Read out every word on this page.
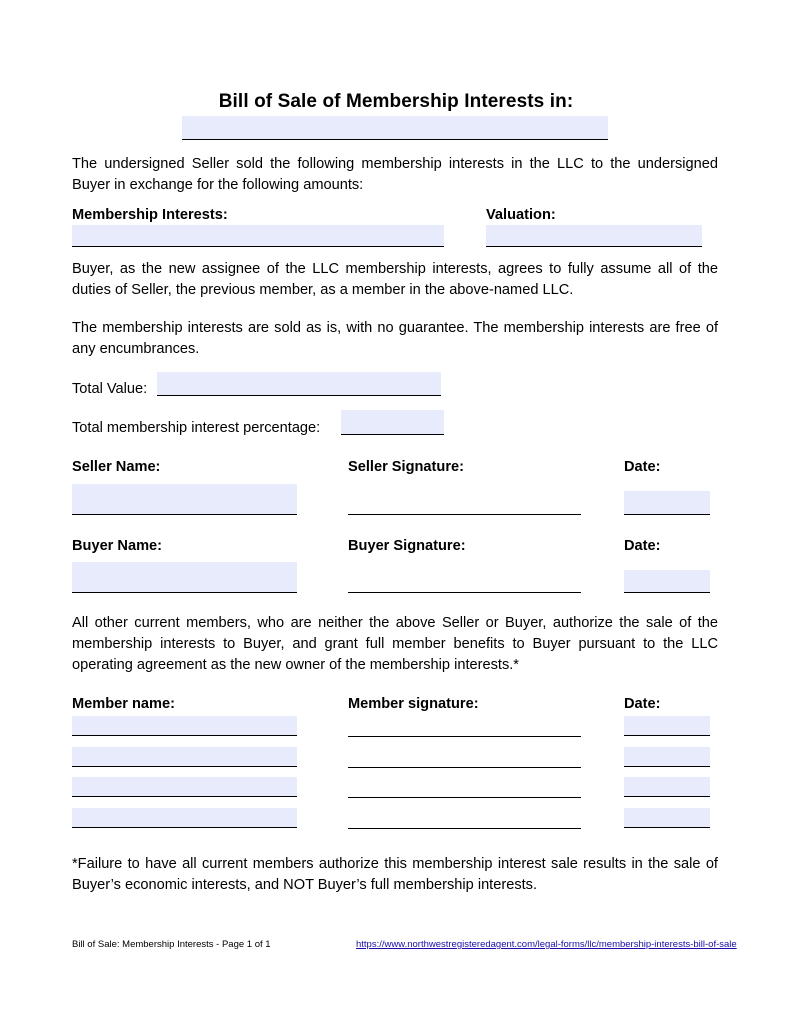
Bill of Sale of Membership Interests in:
The undersigned Seller sold the following membership interests in the LLC to the undersigned Buyer in exchange for the following amounts:
Membership Interests:	Valuation:
Buyer, as the new assignee of the LLC membership interests, agrees to fully assume all of the duties of Seller, the previous member, as a member in the above-named LLC.
The membership interests are sold as is, with no guarantee. The membership interests are free of any encumbrances.
Total Value:
Total membership interest percentage:
Seller Name:	Seller Signature:	Date:
Buyer Name:	Buyer Signature:	Date:
All other current members, who are neither the above Seller or Buyer, authorize the sale of the membership interests to Buyer, and grant full member benefits to Buyer pursuant to the LLC operating agreement as the new owner of the membership interests.*
Member name:	Member signature:	Date:
*Failure to have all current members authorize this membership interest sale results in the sale of Buyer’s economic interests, and NOT Buyer’s full membership interests.
Bill of Sale: Membership Interests - Page 1 of 1	https://www.northwestregisteredagent.com/legal-forms/llc/membership-interests-bill-of-sale
